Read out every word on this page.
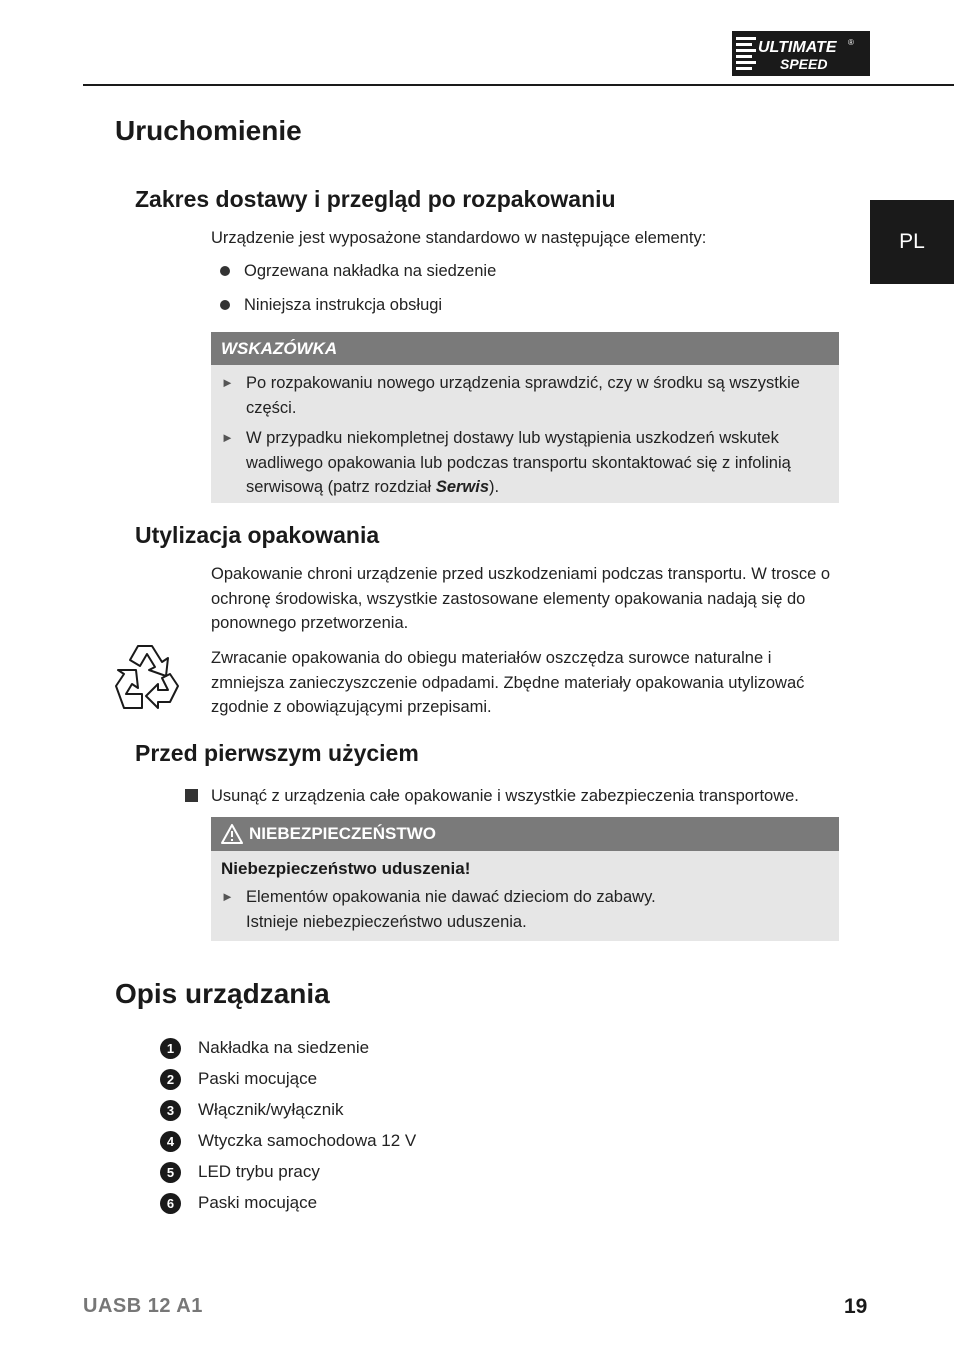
ULTIMATE
SPEED
®
PL
Uruchomienie
Zakres dostawy i przegląd po rozpakowaniu
Urządzenie jest wyposażone standardowo w następujące elementy:
Ogrzewana nakładka na siedzenie
Niniejsza instrukcja obsługi
WSKAZÓWKA
► Po rozpakowaniu nowego urządzenia sprawdzić, czy w środku są wszystkie części.
► W przypadku niekompletnej dostawy lub wystąpienia uszkodzeń wskutek wadliwego opakowania lub podczas transportu skontaktować się z infolinią serwisową (patrz rozdział Serwis).
Utylizacja opakowania
Opakowanie chroni urządzenie przed uszkodzeniami podczas transportu. W trosce o ochronę środowiska, wszystkie zastosowane elementy opakowania nadają się do ponownego przetworzenia.
Zwracanie opakowania do obiegu materiałów oszczędza surowce naturalne i zmniejsza zanieczyszczenie odpadami. Zbędne materiały opakowania utylizować zgodnie z obowiązującymi przepisami.
Przed pierwszym użyciem
Usunąć z urządzenia całe opakowanie i wszystkie zabezpieczenia transportowe.
NIEBEZPIECZEŃSTWO
Niebezpieczeństwo uduszenia!
► Elementów opakowania nie dawać dzieciom do zabawy. Istnieje niebezpieczeństwo uduszenia.
Opis urządzania
1	Nakładka na siedzenie
2	Paski mocujące
3	Włącznik/wyłącznik
4	Wtyczka samochodowa 12 V
5	LED trybu pracy
6	Paski mocujące
UASB 12 A1	19
